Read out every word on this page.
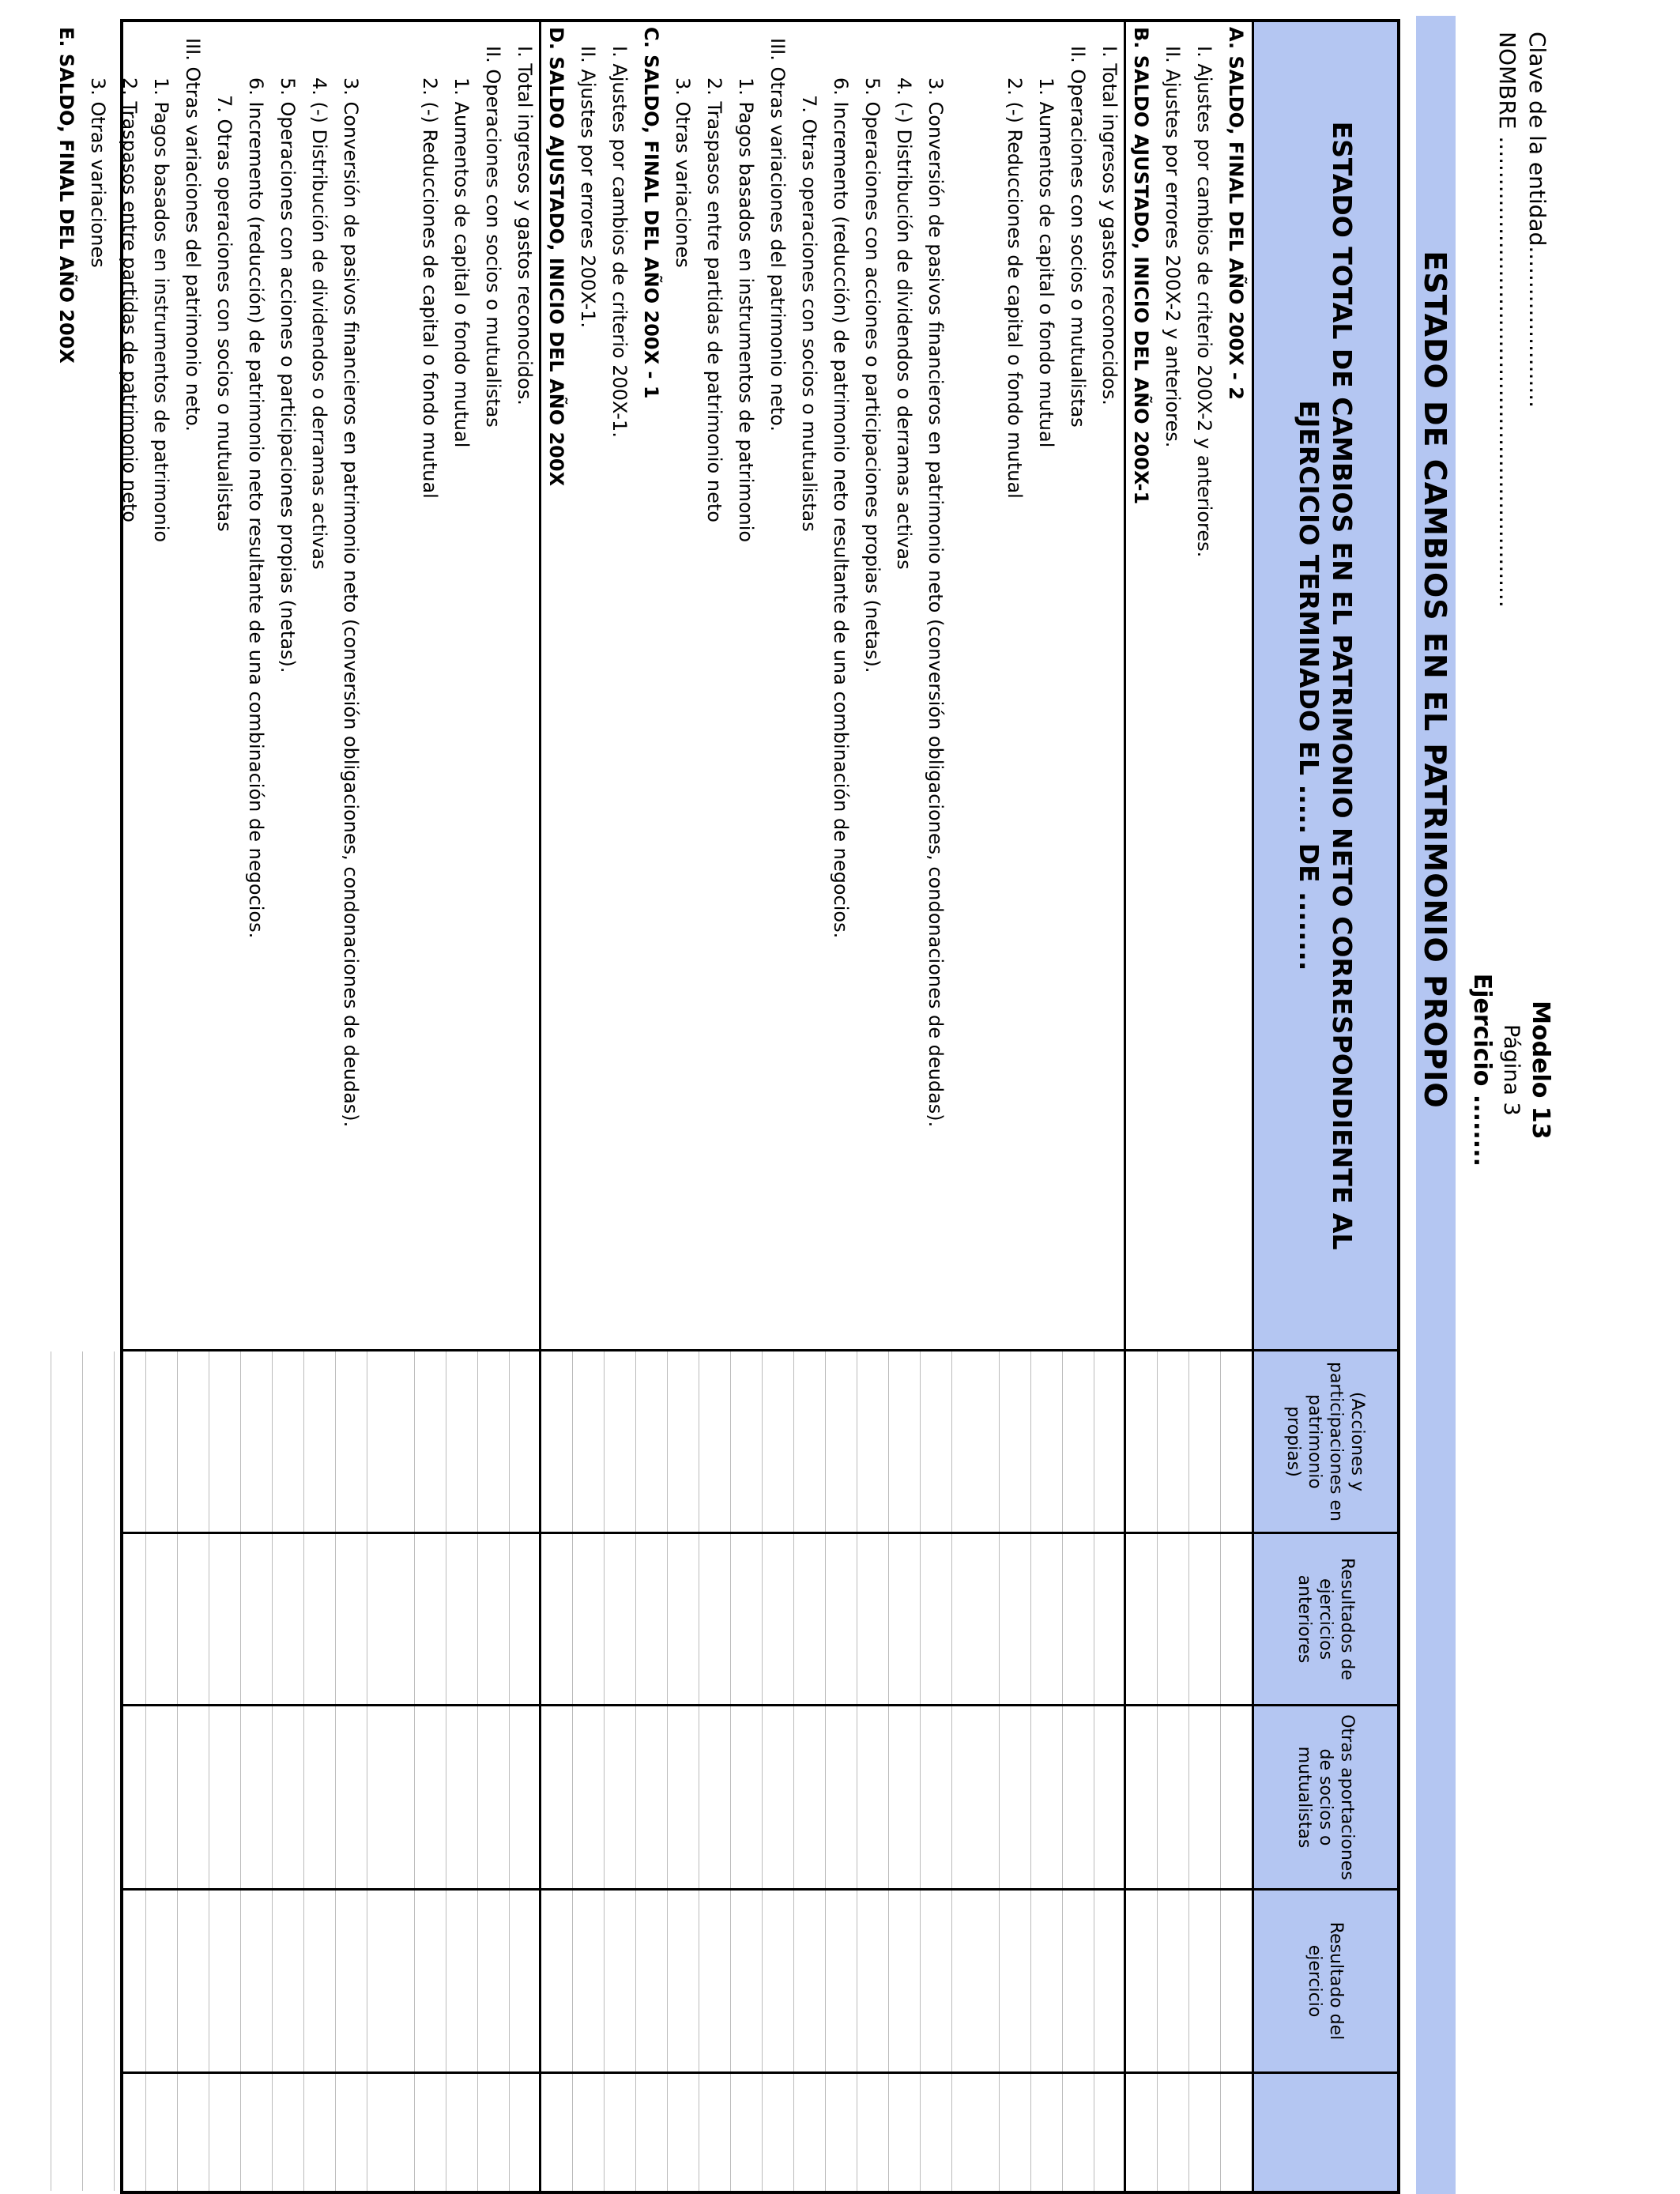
Clave de la entidad.......................
NOMBRE ...................................................................
Modelo 13
Página 3
Ejercicio ........
ESTADO DE CAMBIOS EN EL PATRIMONIO PROPIO
ESTADO TOTAL DE CAMBIOS EN EL PATRIMONIO NETO CORRESPONDIENTE AL EJERCICIO TERMINADO EL ..... DE ........
(Acciones y participaciones en patrimonio propias)
Resultados de ejercicios anteriores
Otras aportaciones de socios o mutualistas
Resultado del ejercicio
A. SALDO, FINAL DEL AÑO 200X - 2
I. Ajustes por cambios de criterio 200X-2 y anteriores.
II. Ajustes por errores 200X-2 y anteriores.
B. SALDO AJUSTADO, INICIO DEL AÑO 200X-1
I. Total ingresos y gastos reconocidos.
II. Operaciones con socios o mutualistas
1. Aumentos de capital o fondo mutual
2. (-) Reducciones de capital o fondo mutual
3. Conversión de pasivos financieros en patrimonio neto (conversión obligaciones, condonaciones de deudas).
4. (-) Distribución de dividendos o derramas activas
5. Operaciones con acciones o participaciones propias (netas).
6. Incremento (reducción) de patrimonio neto resultante de una combinación de negocios.
7. Otras operaciones con socios o mutualistas
III. Otras variaciones del patrimonio neto.
1. Pagos basados en instrumentos de patrimonio
2. Traspasos entre partidas de patrimonio neto
3. Otras variaciones
C. SALDO, FINAL DEL AÑO 200X - 1
I. Ajustes por cambios de criterio 200X-1.
II. Ajustes por errores 200X-1.
D. SALDO AJUSTADO, INICIO DEL AÑO 200X
I. Total ingresos y gastos reconocidos.
II. Operaciones con socios o mutualistas
1. Aumentos de capital o fondo mutual
2. (-) Reducciones de capital o fondo mutual
3. Conversión de pasivos financieros en patrimonio neto (conversión obligaciones, condonaciones de deudas).
4. (-) Distribución de dividendos o derramas activas
5. Operaciones con acciones o participaciones propias (netas).
6. Incremento (reducción) de patrimonio neto resultante de una combinación de negocios.
7. Otras operaciones con socios o mutualistas
III. Otras variaciones del patrimonio neto.
1. Pagos basados en instrumentos de patrimonio
2. Traspasos entre partidas de patrimonio neto
3. Otras variaciones
E. SALDO, FINAL DEL AÑO 200X
